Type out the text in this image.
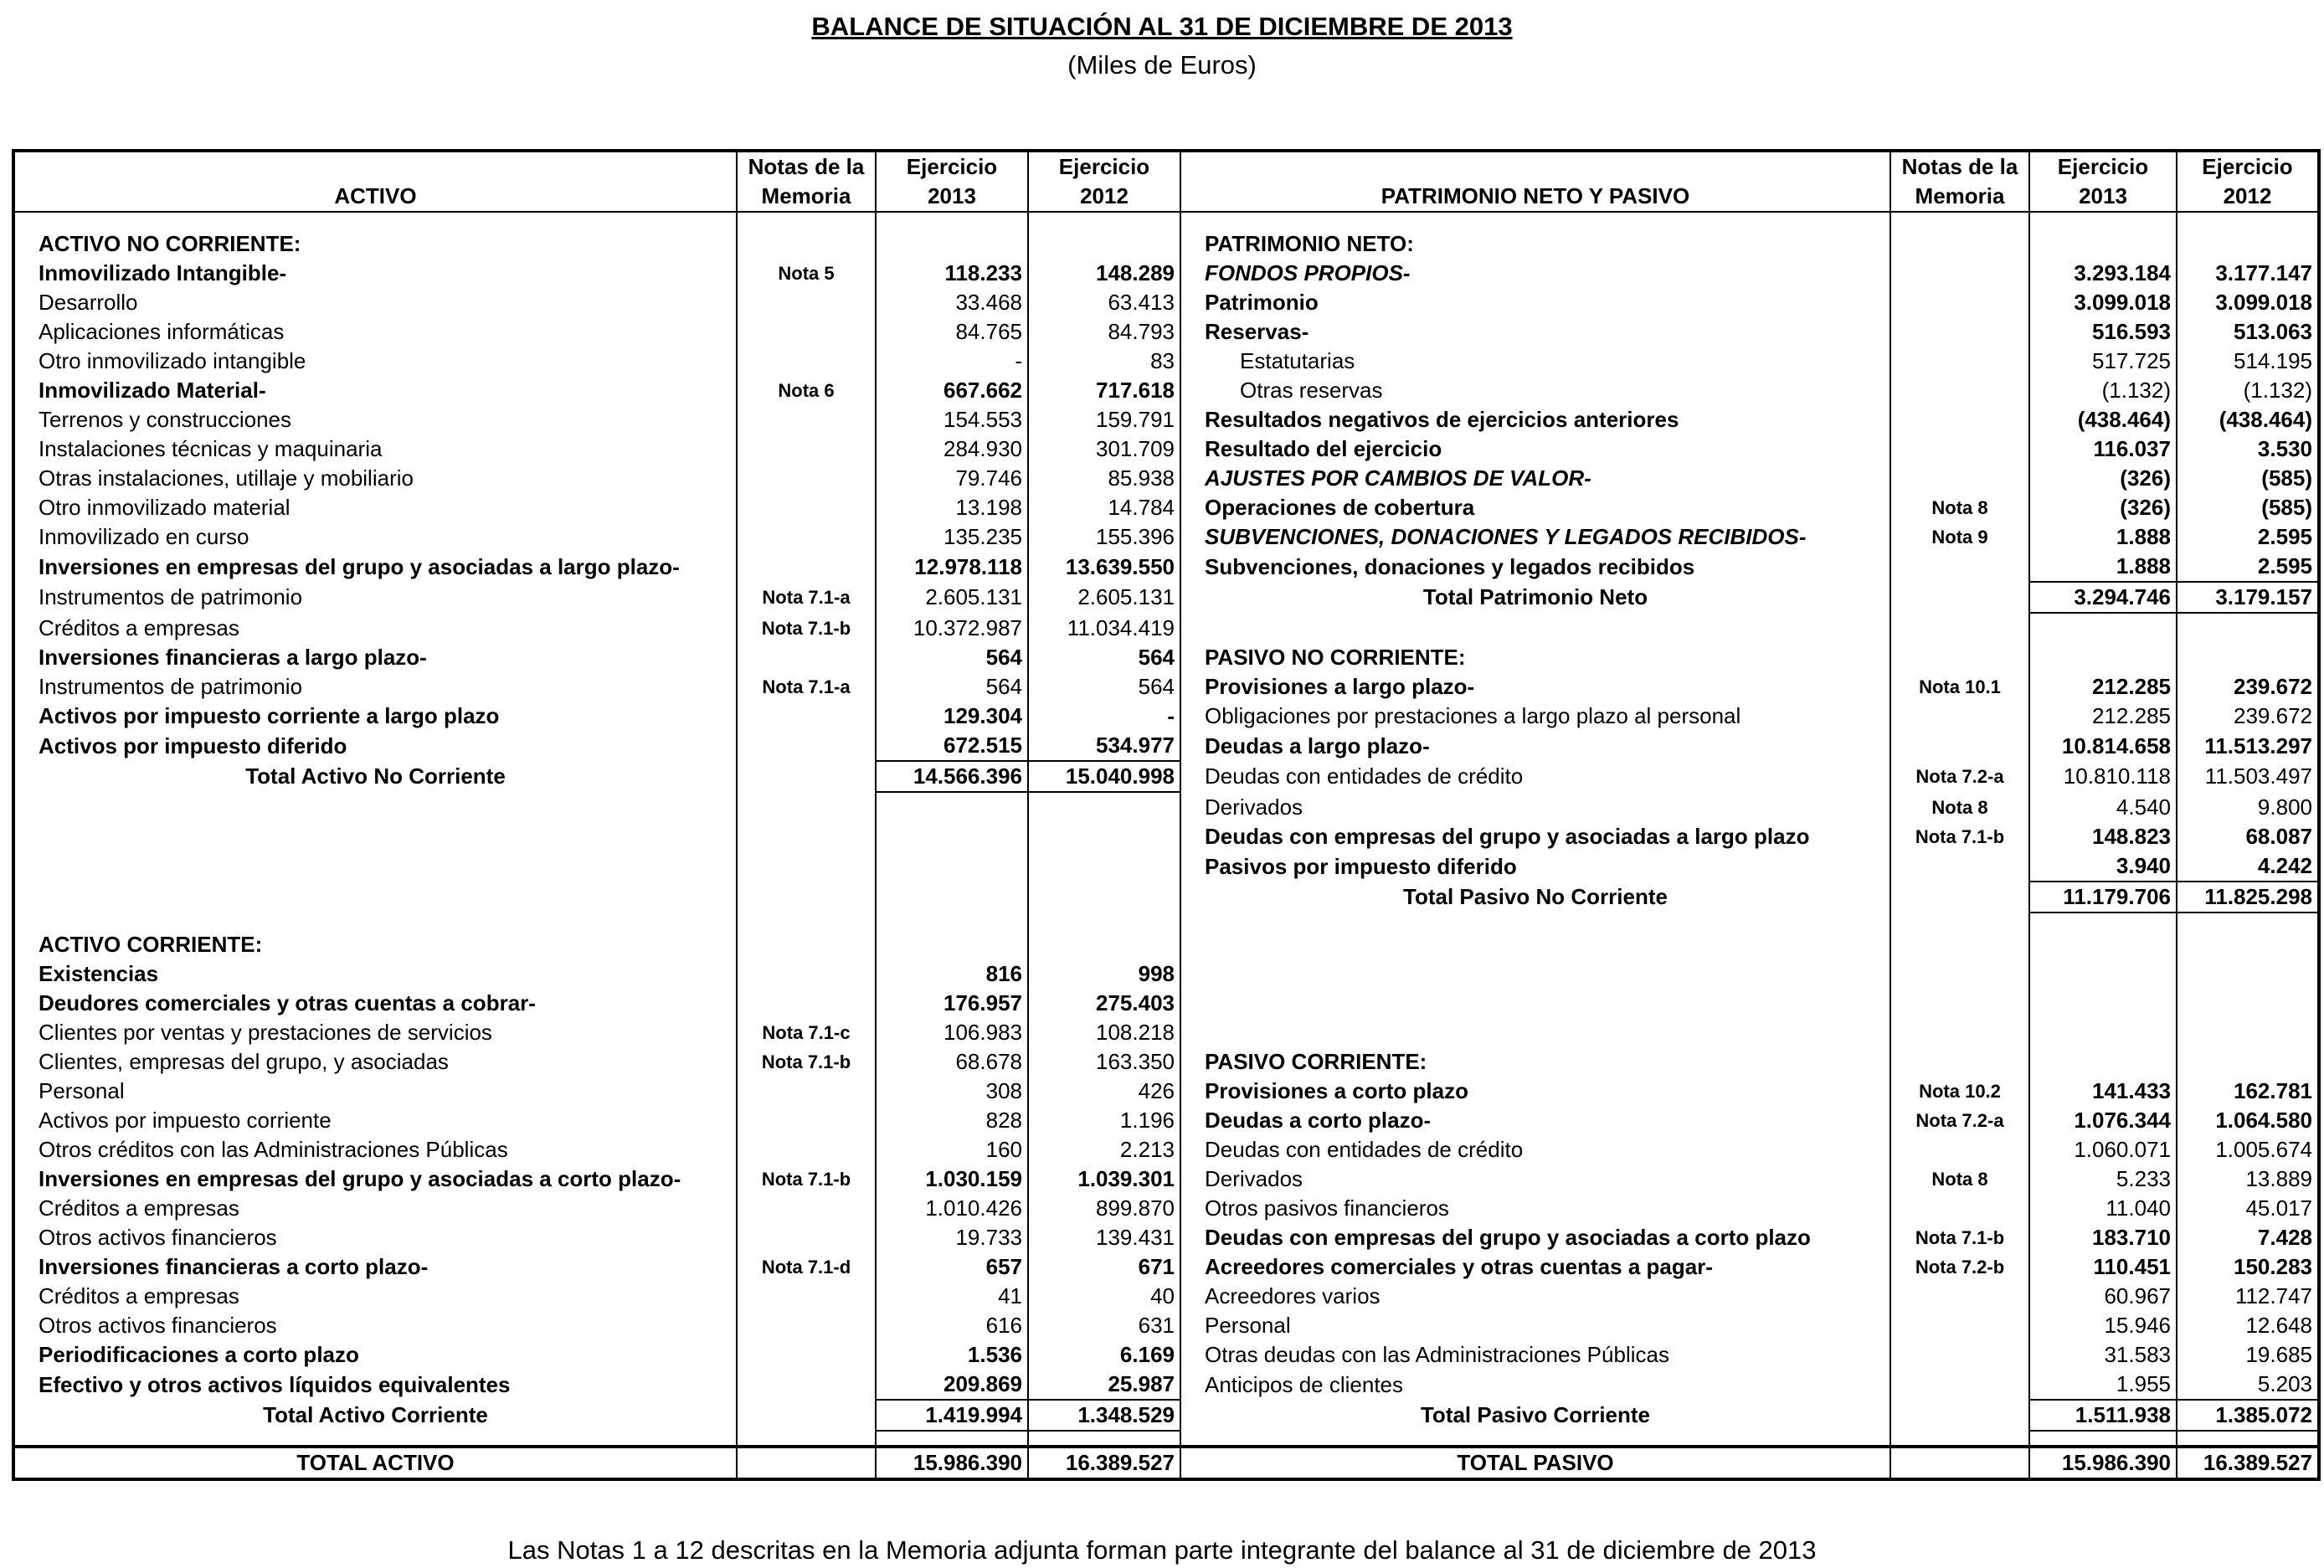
BALANCE DE SITUACIÓN AL 31 DE DICIEMBRE DE 2013
(Miles de Euros)
	Notas de la	Ejercicio	Ejercicio		Notas de la	Ejercicio	Ejercicio
ACTIVO	Memoria	2013	2012	PATRIMONIO NETO Y PASIVO	Memoria	2013	2012

ACTIVO NO CORRIENTE:				PATRIMONIO NETO:			
Inmovilizado Intangible-	Nota 5	118.233	148.289	FONDOS PROPIOS-		3.293.184	3.177.147
Desarrollo		33.468	63.413	Patrimonio		3.099.018	3.099.018
Aplicaciones informáticas		84.765	84.793	Reservas-		516.593	513.063
Otro inmovilizado intangible		-	83	Estatutarias		517.725	514.195
Inmovilizado Material-	Nota 6	667.662	717.618	Otras reservas		(1.132)	(1.132)
Terrenos y construcciones		154.553	159.791	Resultados negativos de ejercicios anteriores		(438.464)	(438.464)
Instalaciones técnicas y maquinaria		284.930	301.709	Resultado del ejercicio		116.037	3.530
Otras instalaciones, utillaje y mobiliario		79.746	85.938	AJUSTES POR CAMBIOS DE VALOR-		(326)	(585)
Otro inmovilizado material		13.198	14.784	Operaciones de cobertura	Nota 8	(326)	(585)
Inmovilizado en curso		135.235	155.396	SUBVENCIONES, DONACIONES Y LEGADOS RECIBIDOS-	Nota 9	1.888	2.595
Inversiones en empresas del grupo y asociadas a largo plazo-		12.978.118	13.639.550	Subvenciones, donaciones y legados recibidos		1.888	2.595
Instrumentos de patrimonio	Nota 7.1-a	2.605.131	2.605.131	Total Patrimonio Neto		3.294.746	3.179.157
Créditos a empresas	Nota 7.1-b	10.372.987	11.034.419				
Inversiones financieras a largo plazo-		564	564	PASIVO NO CORRIENTE:			
Instrumentos de patrimonio	Nota 7.1-a	564	564	Provisiones a largo plazo-	Nota 10.1	212.285	239.672
Activos por impuesto corriente a largo plazo		129.304	-	Obligaciones por prestaciones a largo plazo al personal		212.285	239.672
Activos por impuesto diferido		672.515	534.977	Deudas a largo plazo-		10.814.658	11.513.297
Total Activo No Corriente		14.566.396	15.040.998	Deudas con entidades de crédito	Nota 7.2-a	10.810.118	11.503.497
				Derivados	Nota 8	4.540	9.800
				Deudas con empresas del grupo y asociadas a largo plazo	Nota 7.1-b	148.823	68.087
				Pasivos por impuesto diferido		3.940	4.242
				Total Pasivo No Corriente		11.179.706	11.825.298

ACTIVO CORRIENTE:							
Existencias		816	998				
Deudores comerciales y otras cuentas a cobrar-		176.957	275.403				
Clientes por ventas y prestaciones de servicios	Nota 7.1-c	106.983	108.218				
Clientes, empresas del grupo, y asociadas	Nota 7.1-b	68.678	163.350	PASIVO CORRIENTE:			
Personal		308	426	Provisiones a corto plazo	Nota 10.2	141.433	162.781
Activos por impuesto corriente		828	1.196	Deudas a corto plazo-	Nota 7.2-a	1.076.344	1.064.580
Otros créditos con las Administraciones Públicas		160	2.213	Deudas con entidades de crédito		1.060.071	1.005.674
Inversiones en empresas del grupo y asociadas a corto plazo-	Nota 7.1-b	1.030.159	1.039.301	Derivados	Nota 8	5.233	13.889
Créditos a empresas		1.010.426	899.870	Otros pasivos financieros		11.040	45.017
Otros activos financieros		19.733	139.431	Deudas con empresas del grupo y asociadas a corto plazo	Nota 7.1-b	183.710	7.428
Inversiones financieras a corto plazo-	Nota 7.1-d	657	671	Acreedores comerciales y otras cuentas a pagar-	Nota 7.2-b	110.451	150.283
Créditos a empresas		41	40	Acreedores varios		60.967	112.747
Otros activos financieros		616	631	Personal		15.946	12.648
Periodificaciones a corto plazo		1.536	6.169	Otras deudas con las Administraciones Públicas		31.583	19.685
Efectivo y otros activos líquidos equivalentes		209.869	25.987	Anticipos de clientes		1.955	5.203
Total Activo Corriente		1.419.994	1.348.529	Total Pasivo Corriente		1.511.938	1.385.072

TOTAL ACTIVO		15.986.390	16.389.527	TOTAL PASIVO		15.986.390	16.389.527
Las Notas 1 a 12 descritas en la Memoria adjunta forman parte integrante del balance al 31 de diciembre de 2013
